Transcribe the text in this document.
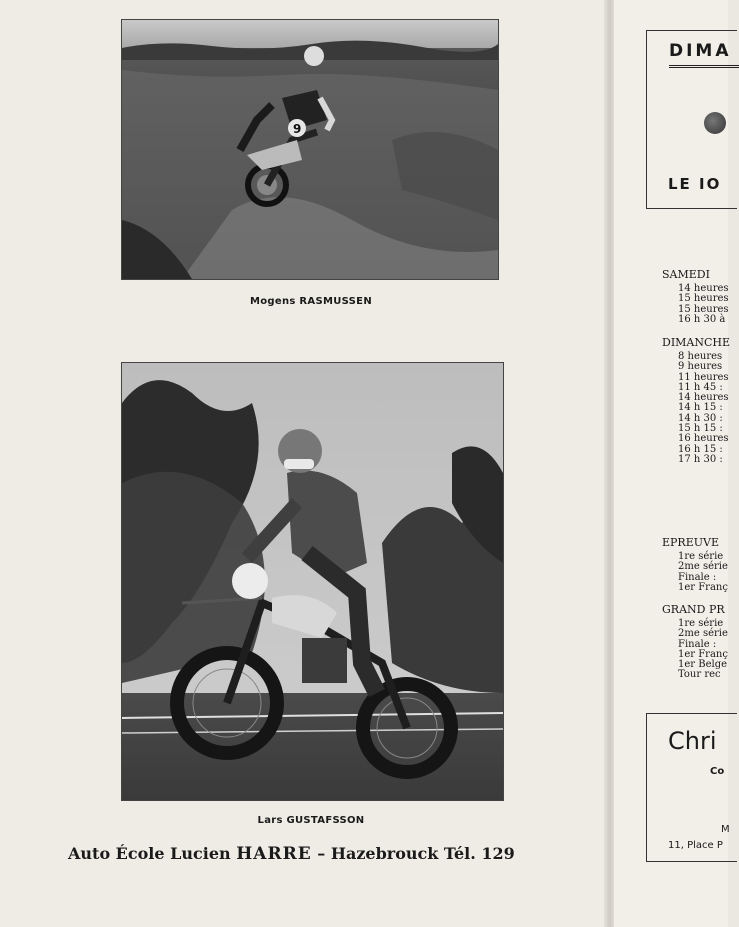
9
Mogens RASMUSSEN
Lars GUSTAFSSON
Auto École Lucien HARRE – Hazebrouck Tél. 129
DIMA
LE IO
SAMEDI
14 heures
15 heures
15 heures
16 h 30 à
DIMANCHE
8 heures
9 heures
11 heures
11 h 45 :
14 heures
14 h 15 :
14 h 30 :
15 h 15 :
16 heures
16 h 15 :
17 h 30 :
EPREUVE
1re série
2me série
Finale :
1er Franç
GRAND PR
1re série
2me série
Finale :
1er Franç
1er Belge
Tour rec
Chri
Co
M
11, Place P
